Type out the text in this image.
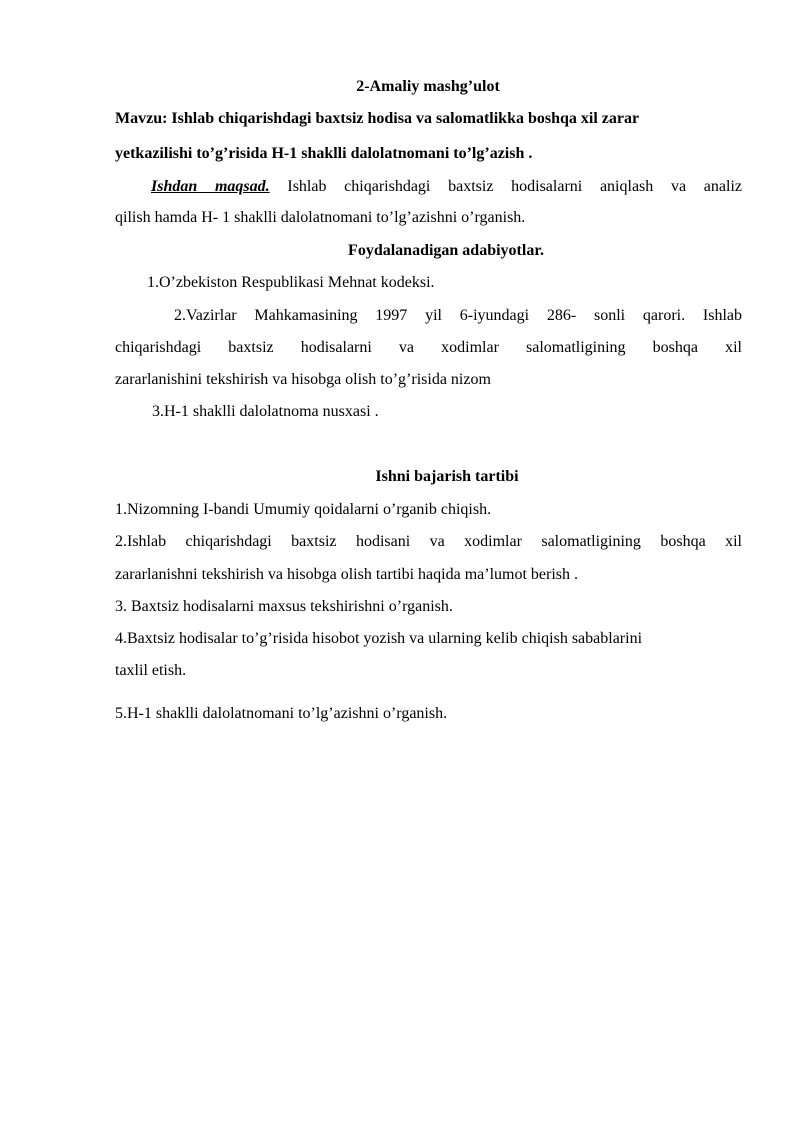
2-Amaliy mashg’ulot
Mavzu: Ishlab chiqarishdagi baxtsiz hodisa va salomatlikka boshqa xil zarar
yetkazilishi to’g’risida H-1 shaklli dalolatnomani to’lg’azish .
Ishdan maqsad. Ishlab chiqarishdagi baxtsiz hodisalarni aniqlash va analiz
qilish hamda H- 1 shaklli dalolatnomani to’lg’azishni o’rganish.
Foydalanadigan adabiyotlar.
1.O’zbekiston Respublikasi Mehnat kodeksi.
2.Vazirlar Mahkamasining 1997 yil 6-iyundagi 286- sonli qarori. Ishlab
chiqarishdagi baxtsiz hodisalarni va xodimlar salomatligining boshqa xil
zararlanishini tekshirish va hisobga olish to’g’risida nizom
3.H-1 shaklli dalolatnoma nusxasi .
Ishni bajarish tartibi
1.Nizomning I-bandi Umumiy qoidalarni o’rganib chiqish.
2.Ishlab chiqarishdagi baxtsiz hodisani va xodimlar salomatligining boshqa xil
zararlanishni tekshirish va hisobga olish tartibi haqida ma’lumot berish .
3. Baxtsiz hodisalarni maxsus tekshirishni o’rganish.
4.Baxtsiz hodisalar to’g’risida hisobot yozish va ularning kelib chiqish sabablarini
taxlil etish.
5.H-1 shaklli dalolatnomani to’lg’azishni o’rganish.
